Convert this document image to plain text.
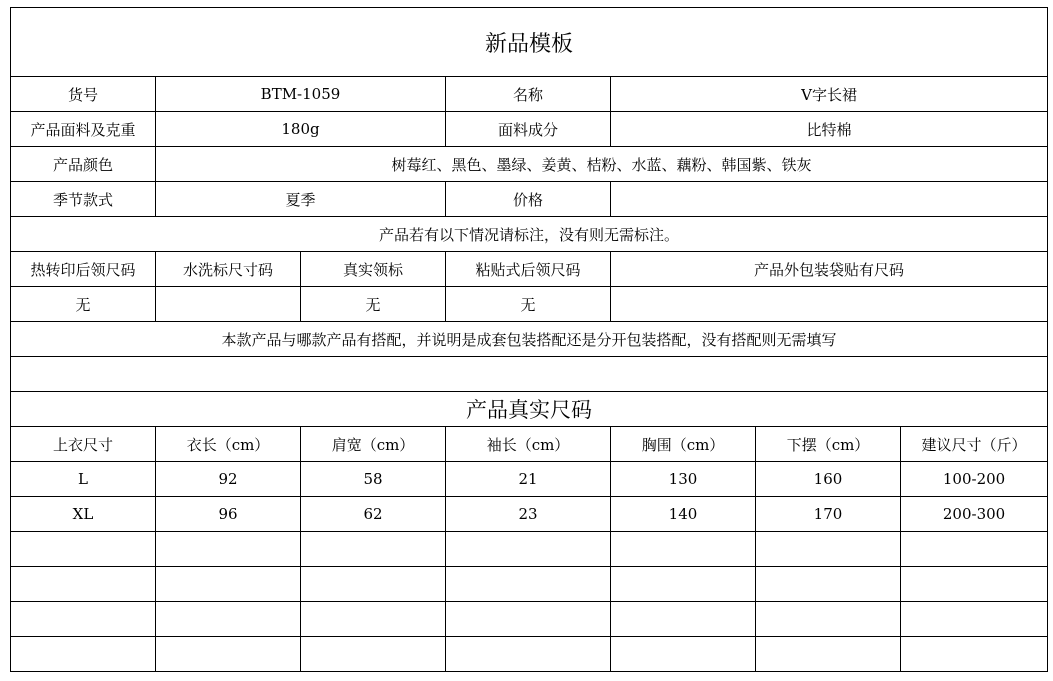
新品模板						
货号	BTM-1059		名称	V字长裙		
产品面料及克重	180g		面料成分	比特棉		
产品颜色	树莓红、黑色、墨绿、姜黄、桔粉、水蓝、藕粉、韩国紫、铁灰					
季节款式	夏季		价格			
产品若有以下情况请标注，没有则无需标注。						
热转印后领尺码	水洗标尺寸码	真实领标	粘贴式后领尺码	产品外包装袋贴有尺码		
无		无	无			
本款产品与哪款产品有搭配，并说明是成套包装搭配还是分开包装搭配，没有搭配则无需填写						

产品真实尺码						
上衣尺寸	衣长（cm）	肩宽（cm）	袖长（cm）	胸围（cm）	下摆（cm）	建议尺寸（斤）
L	92	58	21	130	160	100-200
XL	96	62	23	140	170	200-300
